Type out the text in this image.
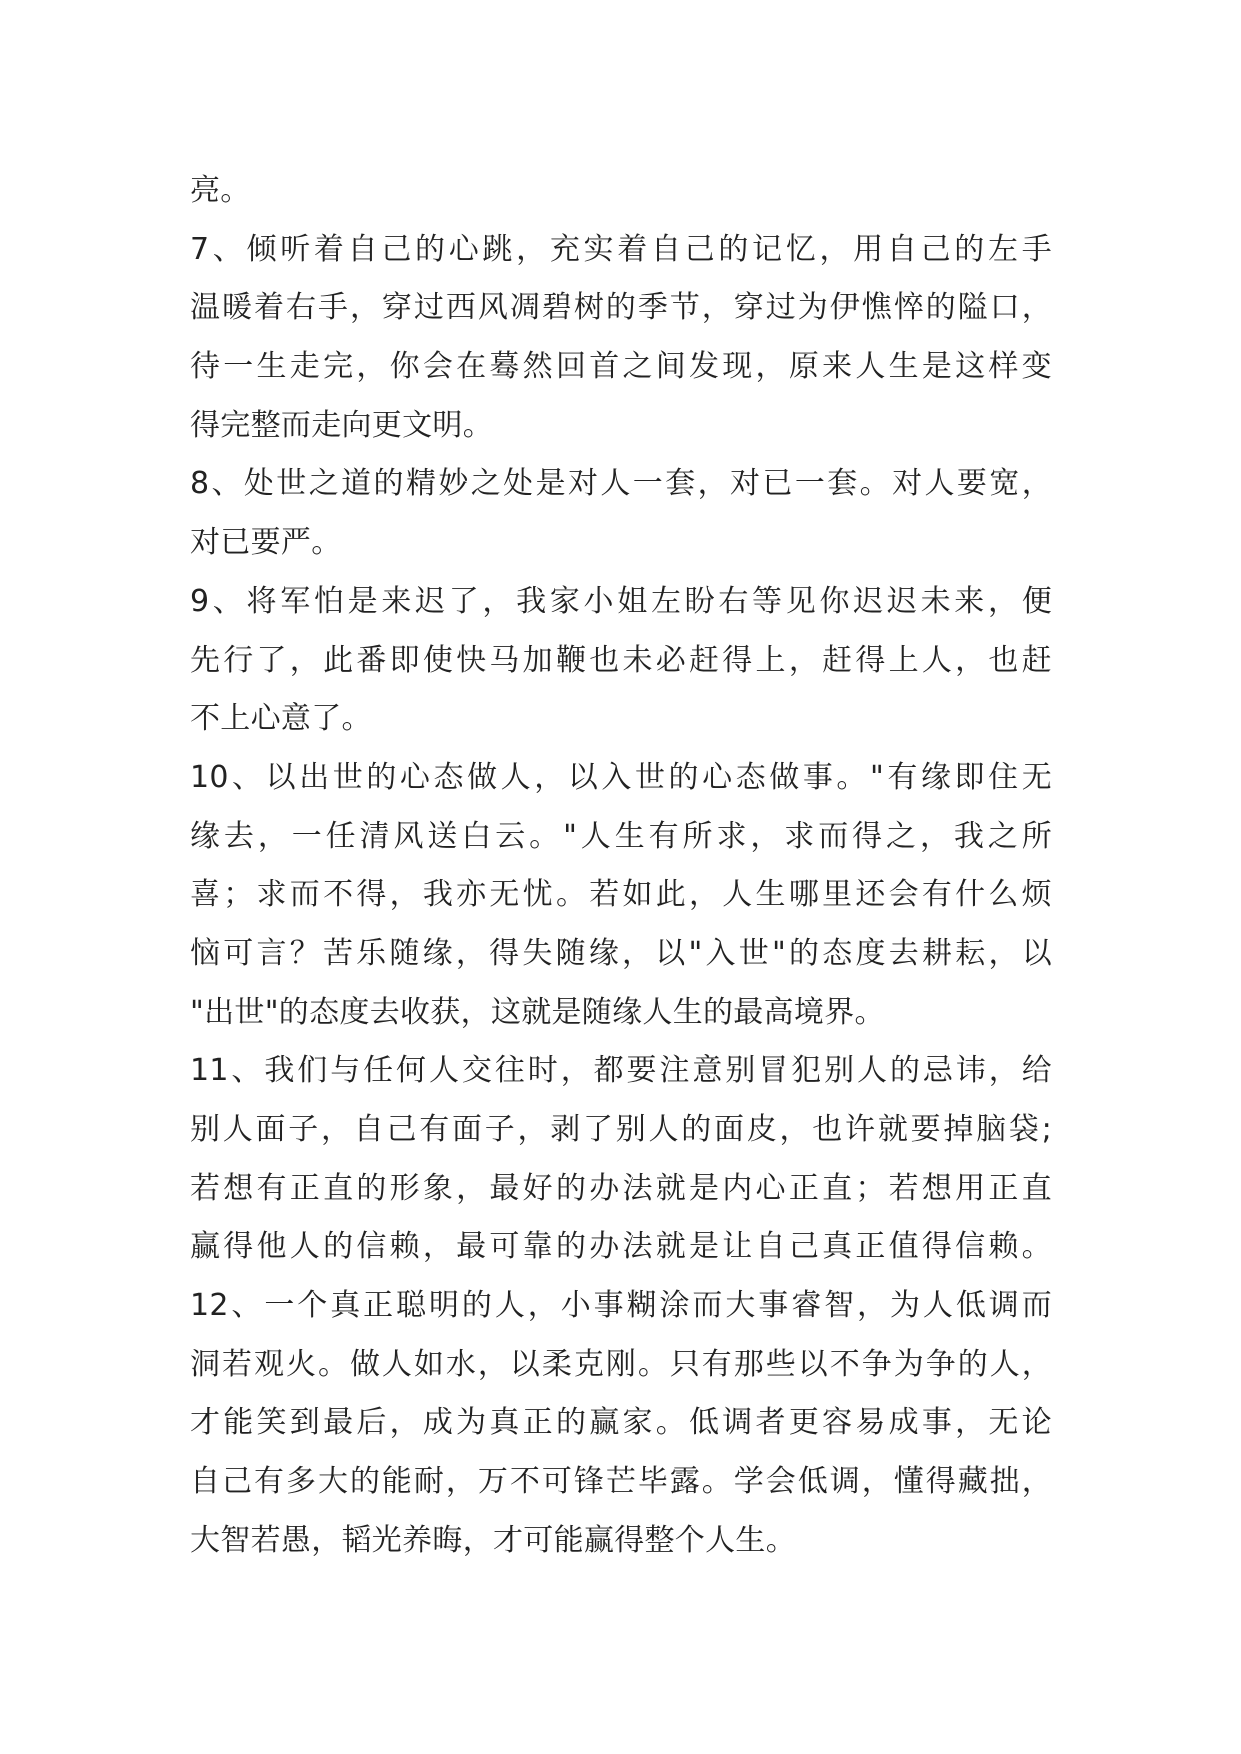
亮。
7、倾听着自己的心跳，充实着自己的记忆，用自己的左手
温暖着右手，穿过西风凋碧树的季节，穿过为伊憔悴的隘口，
待一生走完，你会在蓦然回首之间发现，原来人生是这样变
得完整而走向更文明。
8、处世之道的精妙之处是对人一套，对已一套。对人要宽，
对已要严。
9、将军怕是来迟了，我家小姐左盼右等见你迟迟未来，便
先行了，此番即使快马加鞭也未必赶得上，赶得上人，也赶
不上心意了。
10、以出世的心态做人，以入世的心态做事。"有缘即住无
缘去，一任清风送白云。"人生有所求，求而得之，我之所
喜；求而不得，我亦无忧。若如此，人生哪里还会有什么烦
恼可言？苦乐随缘，得失随缘，以"入世"的态度去耕耘，以
"出世"的态度去收获，这就是随缘人生的最高境界。
11、我们与任何人交往时，都要注意别冒犯别人的忌讳，给
别人面子，自己有面子，剥了别人的面皮，也许就要掉脑袋;
若想有正直的形象，最好的办法就是内心正直；若想用正直
赢得他人的信赖，最可靠的办法就是让自己真正值得信赖。
12、一个真正聪明的人，小事糊涂而大事睿智，为人低调而
洞若观火。做人如水，以柔克刚。只有那些以不争为争的人，
才能笑到最后，成为真正的赢家。低调者更容易成事，无论
自己有多大的能耐，万不可锋芒毕露。学会低调，懂得藏拙，
大智若愚，韬光养晦，才可能赢得整个人生。
